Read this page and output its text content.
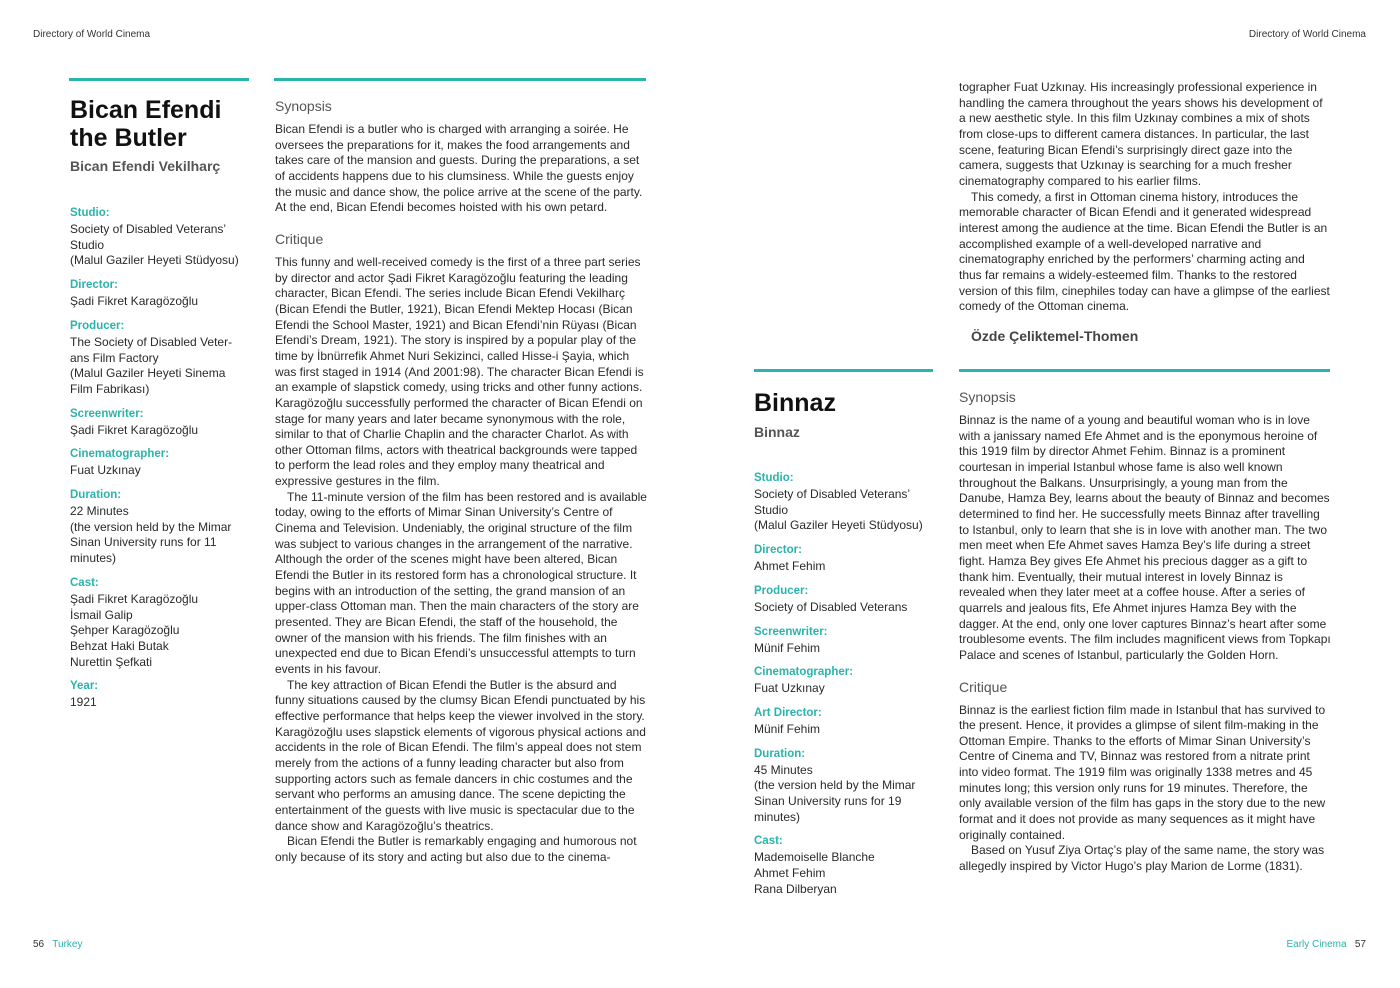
Directory of World Cinema	Directory of World Cinema
Bican Efendi the Butler
Bican Efendi Vekilharç
Studio:
Society of Disabled Veterans’
Studio
(Malul Gaziler Heyeti Stüdyosu)
Director:
Şadi Fikret Karagözoğlu
Producer:
The Society of Disabled Veter-
ans Film Factory
(Malul Gaziler Heyeti Sinema
Film Fabrikası)
Screenwriter:
Şadi Fikret Karagözoğlu
Cinematographer:
Fuat Uzkınay
Duration:
22 Minutes
(the version held by the Mimar
Sinan University runs for 11
minutes)
Cast:
Şadi Fikret Karagözoğlu
İsmail Galip
Şehper Karagözoğlu
Behzat Haki Butak
Nurettin Şefkati
Year:
1921
Synopsis

Bican Efendi is a butler who is charged with arranging a soirée. He oversees the preparations for it, makes the food arrangements and takes care of the mansion and guests. During the preparations, a set of accidents happens due to his clumsiness. While the guests enjoy the music and dance show, the police arrive at the scene of the party. At the end, Bican Efendi becomes hoisted with his own petard.

Critique

This funny and well-received comedy is the first of a three part series by director and actor Şadi Fikret Karagözoğlu featuring the leading character, Bican Efendi. The series include Bican Efendi Vekilharç (Bican Efendi the Butler, 1921), Bican Efendi Mektep Hocası (Bican Efendi the School Master, 1921) and Bican Efendi’nin Rüyası (Bican Efendi’s Dream, 1921). The story is inspired by a popular play of the time by İbnürrefik Ahmet Nuri Sekizinci, called Hisse-i Şayia, which was first staged in 1914 (And 2001:98). The character Bican Efendi is an example of slapstick comedy, using tricks and other funny actions. Karagözoğlu successfully performed the character of Bican Efendi on stage for many years and later became synonymous with the role, similar to that of Charlie Chaplin and the character Charlot. As with other Ottoman films, actors with theatrical backgrounds were tapped to perform the lead roles and they employ many theatrical and expressive gestures in the film.

The 11-minute version of the film has been restored and is available today, owing to the efforts of Mimar Sinan University’s Centre of Cinema and Television. Undeniably, the original structure of the film was subject to various changes in the arrangement of the narrative. Although the order of the scenes might have been altered, Bican Efendi the Butler in its restored form has a chronological structure. It begins with an introduction of the setting, the grand mansion of an upper-class Ottoman man. Then the main characters of the story are presented. They are Bican Efendi, the staff of the household, the owner of the mansion with his friends. The film finishes with an unexpected end due to Bican Efendi’s unsuccessful attempts to turn events in his favour.

The key attraction of Bican Efendi the Butler is the absurd and funny situations caused by the clumsy Bican Efendi punctuated by his effective performance that helps keep the viewer involved in the story. Karagözoğlu uses slapstick elements of vigorous physical actions and accidents in the role of Bican Efendi. The film’s appeal does not stem merely from the actions of a funny leading character but also from supporting actors such as female dancers in chic costumes and the servant who performs an amusing dance. The scene depicting the entertainment of the guests with live music is spectacular due to the dance show and Karagözoğlu’s theatrics.

Bican Efendi the Butler is remarkably engaging and humorous not only because of its story and acting but also due to the cinema-

tographer Fuat Uzkınay. His increasingly professional experience in handling the camera throughout the years shows his development of a new aesthetic style. In this film Uzkınay combines a mix of shots from close-ups to different camera distances. In particular, the last scene, featuring Bican Efendi’s surprisingly direct gaze into the camera, suggests that Uzkınay is searching for a much fresher cinematography compared to his earlier films.

This comedy, a first in Ottoman cinema history, introduces the memorable character of Bican Efendi and it generated widespread interest among the audience at the time. Bican Efendi the Butler is an accomplished example of a well-developed narrative and cinematography enriched by the performers’ charming acting and thus far remains a widely-esteemed film. Thanks to the restored version of this film, cinephiles today can have a glimpse of the earliest comedy of the Ottoman cinema.

Özde Çeliktemel-Thomen

Binnaz
Binnaz
Studio:
Society of Disabled Veterans’
Studio
(Malul Gaziler Heyeti Stüdyosu)
Director:
Ahmet Fehim
Producer:
Society of Disabled Veterans
Screenwriter:
Münif Fehim
Cinematographer:
Fuat Uzkınay
Art Director:
Münif Fehim
Duration:
45 Minutes
(the version held by the Mimar
Sinan University runs for 19
minutes)
Cast:
Mademoiselle Blanche
Ahmet Fehim
Rana Dilberyan
Synopsis

Binnaz is the name of a young and beautiful woman who is in love with a janissary named Efe Ahmet and is the eponymous heroine of this 1919 film by director Ahmet Fehim. Binnaz is a prominent courtesan in imperial Istanbul whose fame is also well known throughout the Balkans. Unsurprisingly, a young man from the Danube, Hamza Bey, learns about the beauty of Binnaz and becomes determined to find her. He successfully meets Binnaz after travelling to Istanbul, only to learn that she is in love with another man. The two men meet when Efe Ahmet saves Hamza Bey’s life during a street fight. Hamza Bey gives Efe Ahmet his precious dagger as a gift to thank him. Eventually, their mutual interest in lovely Binnaz is revealed when they later meet at a coffee house. After a series of quarrels and jealous fits, Efe Ahmet injures Hamza Bey with the dagger. At the end, only one lover captures Binnaz’s heart after some troublesome events. The film includes magnificent views from Topkapı Palace and scenes of Istanbul, particularly the Golden Horn.

Critique

Binnaz is the earliest fiction film made in Istanbul that has survived to the present. Hence, it provides a glimpse of silent film-making in the Ottoman Empire. Thanks to the efforts of Mimar Sinan University’s Centre of Cinema and TV, Binnaz was restored from a nitrate print into video format. The 1919 film was originally 1338 metres and 45 minutes long; this version only runs for 19 minutes. Therefore, the only available version of the film has gaps in the story due to the new format and it does not provide as many sequences as it might have originally contained.

Based on Yusuf Ziya Ortaç’s play of the same name, the story was allegedly inspired by Victor Hugo’s play Marion de Lorme (1831).

56 Turkey	Early Cinema 57
